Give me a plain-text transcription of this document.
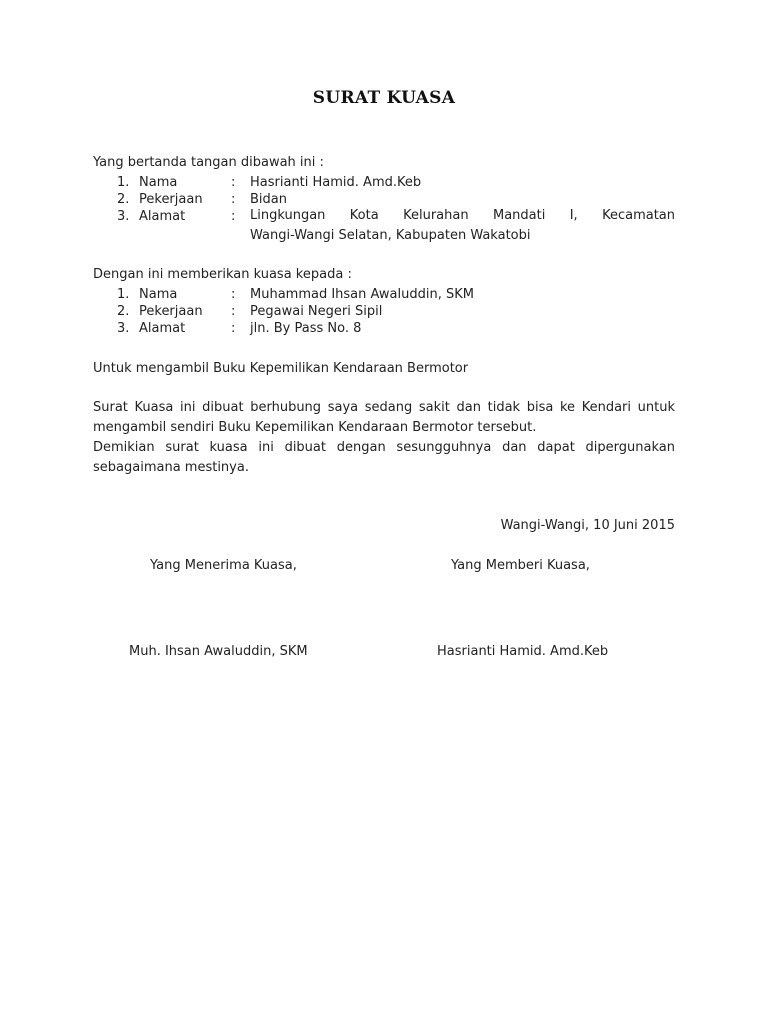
SURAT KUASA
Yang bertanda tangan dibawah ini :
1. Nama	: Hasrianti Hamid. Amd.Keb
2. Pekerjaan : Bidan
3. Alamat	: Lingkungan Kota Kelurahan Mandati I, Kecamatan
Wangi-Wangi Selatan, Kabupaten Wakatobi
Dengan ini memberikan kuasa kepada :
1. Nama	: Muhammad Ihsan Awaluddin, SKM
2. Pekerjaan : Pegawai Negeri Sipil
3. Alamat	: jln. By Pass No. 8
Untuk mengambil Buku Kepemilikan Kendaraan Bermotor
Surat Kuasa ini dibuat berhubung saya sedang sakit dan tidak bisa ke Kendari untuk mengambil sendiri Buku Kepemilikan Kendaraan Bermotor tersebut.
Demikian surat kuasa ini dibuat dengan sesungguhnya dan dapat dipergunakan sebagaimana mestinya.
Wangi-Wangi, 10 Juni 2015
Yang Menerima Kuasa,	Yang Memberi Kuasa,
Muh. Ihsan Awaluddin, SKM	Hasrianti Hamid. Amd.Keb
